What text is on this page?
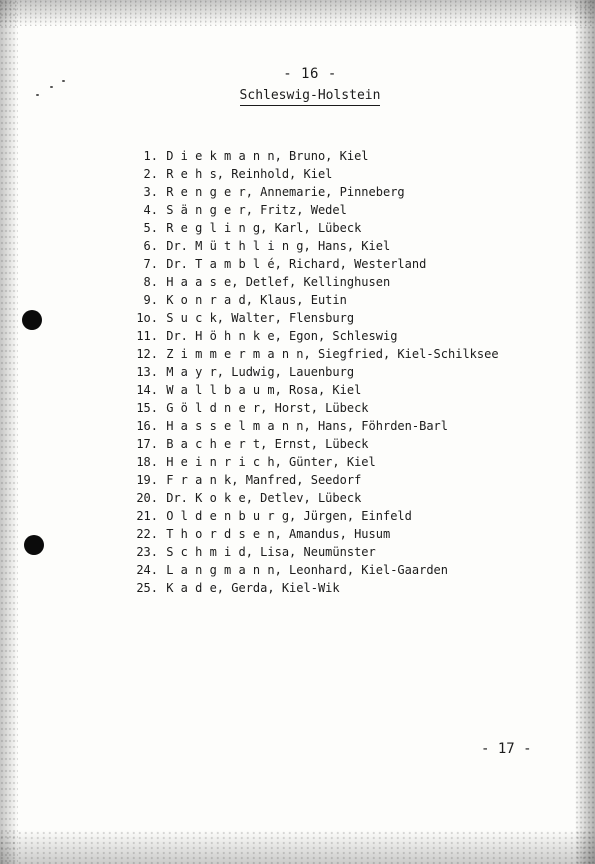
- 16 -
Schleswig-Holstein
1.
D i e k m a n n, Bruno, Kiel
2.
R e h s, Reinhold, Kiel
3.
R e n g e r, Annemarie, Pinneberg
4.
S ä n g e r, Fritz, Wedel
5.
R e g l i n g, Karl, Lübeck
6.
Dr. M ü t h l i n g, Hans, Kiel
7.
Dr. T a m b l é, Richard, Westerland
8.
H a a s e, Detlef, Kellinghusen
9.
K o n r a d, Klaus, Eutin
1o.
S u c k, Walter, Flensburg
11.
Dr. H ö h n k e, Egon, Schleswig
12.
Z i m m e r m a n n, Siegfried, Kiel-Schilksee
13.
M a y r, Ludwig, Lauenburg
14.
W a l l b a u m, Rosa, Kiel
15.
G ö l d n e r, Horst, Lübeck
16.
H a s s e l m a n n, Hans, Föhrden-Barl
17.
B a c h e r t, Ernst, Lübeck
18.
H e i n r i c h, Günter, Kiel
19.
F r a n k, Manfred, Seedorf
20.
Dr. K o k e, Detlev, Lübeck
21.
O l d e n b u r g, Jürgen, Einfeld
22.
T h o r d s e n, Amandus, Husum
23.
S c h m i d, Lisa, Neumünster
24.
L a n g m a n n, Leonhard, Kiel-Gaarden
25.
K a d e, Gerda, Kiel-Wik
- 17 -
